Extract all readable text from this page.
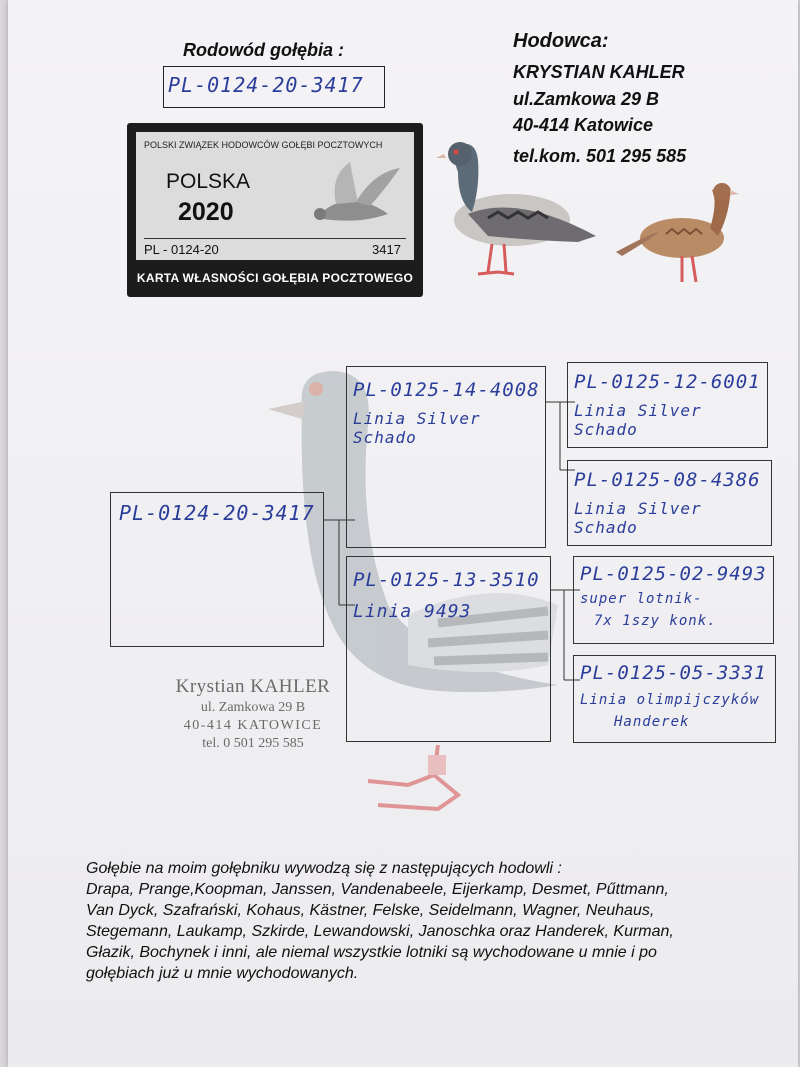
Rodowód gołębia :
PL-0124-20-3417
Hodowca:
KRYSTIAN KAHLER
ul.Zamkowa 29 B
40-414 Katowice
tel.kom. 501 295 585
POLSKI ZWIĄZEK HODOWCÓW GOŁĘBI POCZTOWYCH
POLSKA
2020
PL - 0124-20	3417
KARTA WŁASNOŚCI GOŁĘBIA POCZTOWEGO
PL-0124-20-3417
PL-0125-14-4008
Linia Silver Schado
PL-0125-13-3510
Linia 9493
PL-0125-12-6001
Linia Silver Schado
PL-0125-08-4386
Linia Silver Schado
PL-0125-02-9493
super lotnik-
7x 1szy konk.
PL-0125-05-3331
Linia olimpijczyków
Handerek
Krystian KAHLER
ul. Zamkowa 29 B
40-414 KATOWICE
tel. 0 501 295 585
Gołębie na moim gołębniku wywodzą się z następujących hodowli :
Drapa, Prange,Koopman, Janssen, Vandenabeele, Eijerkamp, Desmet, Pűttmann,
Van Dyck, Szafrański, Kohaus, Kästner, Felske, Seidelmann, Wagner, Neuhaus,
Stegemann, Laukamp, Szkirde, Lewandowski, Janoschka oraz Handerek, Kurman,
Głazik, Bochynek i inni, ale niemal wszystkie lotniki są wychodowane u mnie i po
gołębiach już u mnie wychodowanych.
